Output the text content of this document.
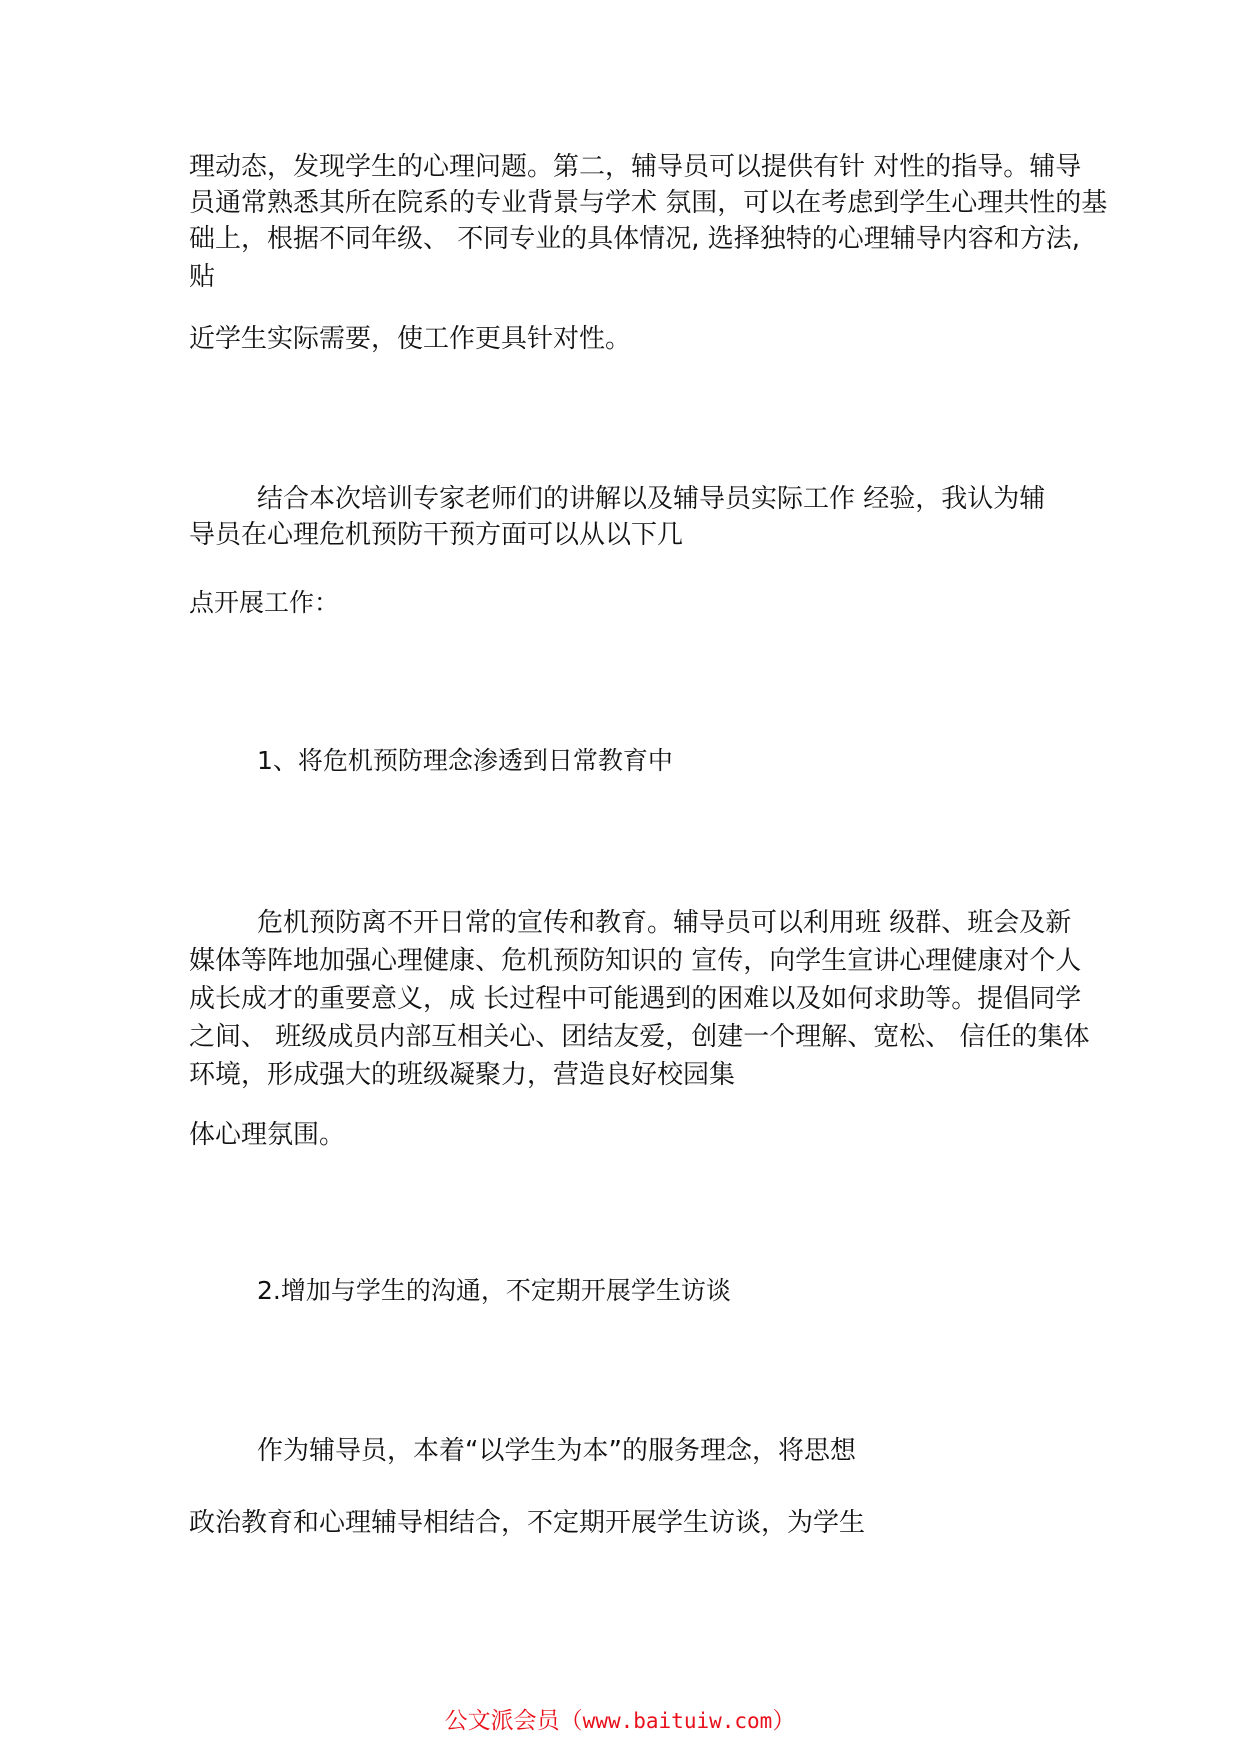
理动态，发现学生的心理问题。第二，辅导员可以提供有针 对性的指导。辅导

员通常熟悉其所在院系的专业背景与学术 氛围，可以在考虑到学生心理共性的基

础上，根据不同年级、 不同专业的具体情况, 选择独特的心理辅导内容和方法,

贴

近学生实际需要，使工作更具针对性。

结合本次培训专家老师们的讲解以及辅导员实际工作 经验，我认为辅

导员在心理危机预防干预方面可以从以下几

点开展工作：

1、将危机预防理念渗透到日常教育中

危机预防离不开日常的宣传和教育。辅导员可以利用班 级群、班会及新

媒体等阵地加强心理健康、危机预防知识的 宣传，向学生宣讲心理健康对个人

成长成才的重要意义，成 长过程中可能遇到的困难以及如何求助等。提倡同学

之间、 班级成员内部互相关心、团结友爱，创建一个理解、宽松、 信任的集体

环境，形成强大的班级凝聚力，营造良好校园集

体心理氛围。

2.增加与学生的沟通，不定期开展学生访谈

作为辅导员，本着“以学生为本”的服务理念，将思想

政治教育和心理辅导相结合，不定期开展学生访谈，为学生

公文派会员（www.baituiw.com）
